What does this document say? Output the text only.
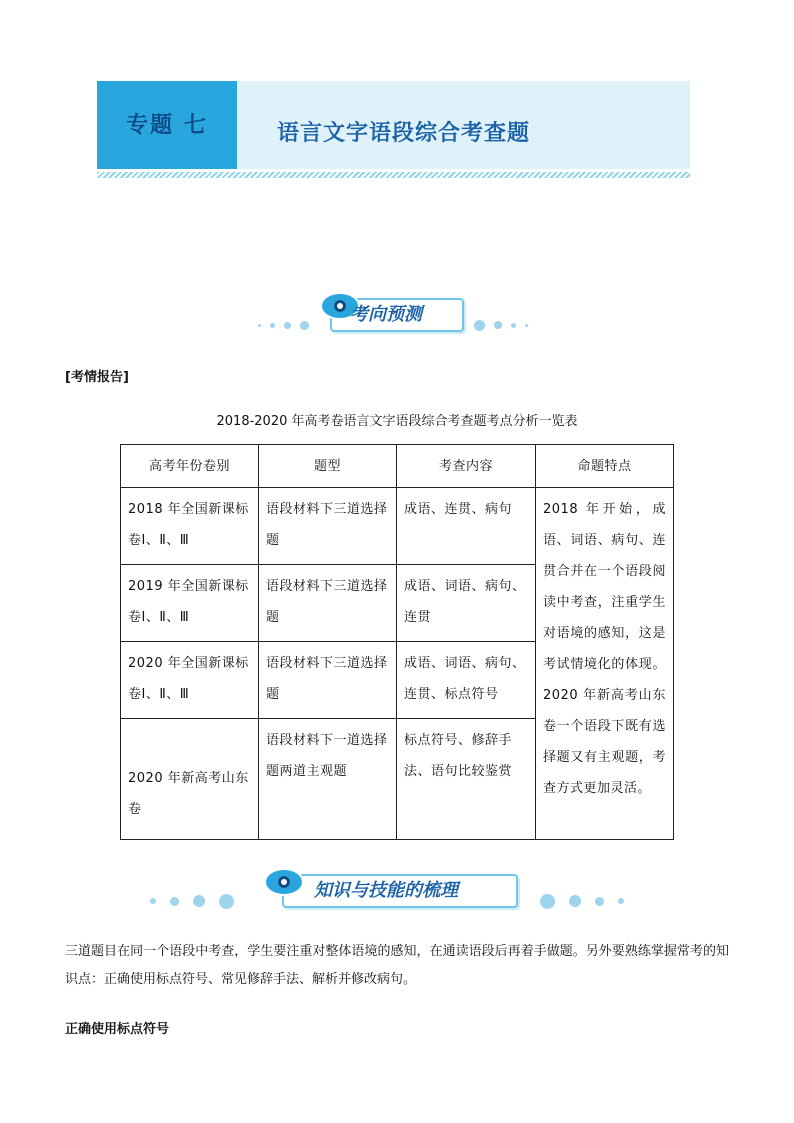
专题 七	语言文字语段综合考查题
考向预测
[考情报告]
2018-2020 年高考卷语言文字语段综合考查题考点分析一览表
高考年份卷别	题型	考查内容	命题特点
2018 年全国新课标卷Ⅰ、Ⅱ、Ⅲ	语段材料下三道选择题	成语、连贯、病句	2018 年开始，成语、词语、病句、连贯合并在一个语段阅读中考查，注重学生对语境的感知，这是考试情境化的体现。2020 年新高考山东卷一个语段下既有选择题又有主观题，考查方式更加灵活。
2019 年全国新课标卷Ⅰ、Ⅱ、Ⅲ	语段材料下三道选择题	成语、词语、病句、连贯	
2020 年全国新课标卷Ⅰ、Ⅱ、Ⅲ	语段材料下三道选择题	成语、词语、病句、连贯、标点符号	
2020 年新高考山东卷	语段材料下一道选择题两道主观题	标点符号、修辞手法、语句比较鉴赏	
知识与技能的梳理
三道题目在同一个语段中考查，学生要注重对整体语境的感知，在通读语段后再着手做题。另外要熟练掌握常考的知识点：正确使用标点符号、常见修辞手法、解析并修改病句。
正确使用标点符号
